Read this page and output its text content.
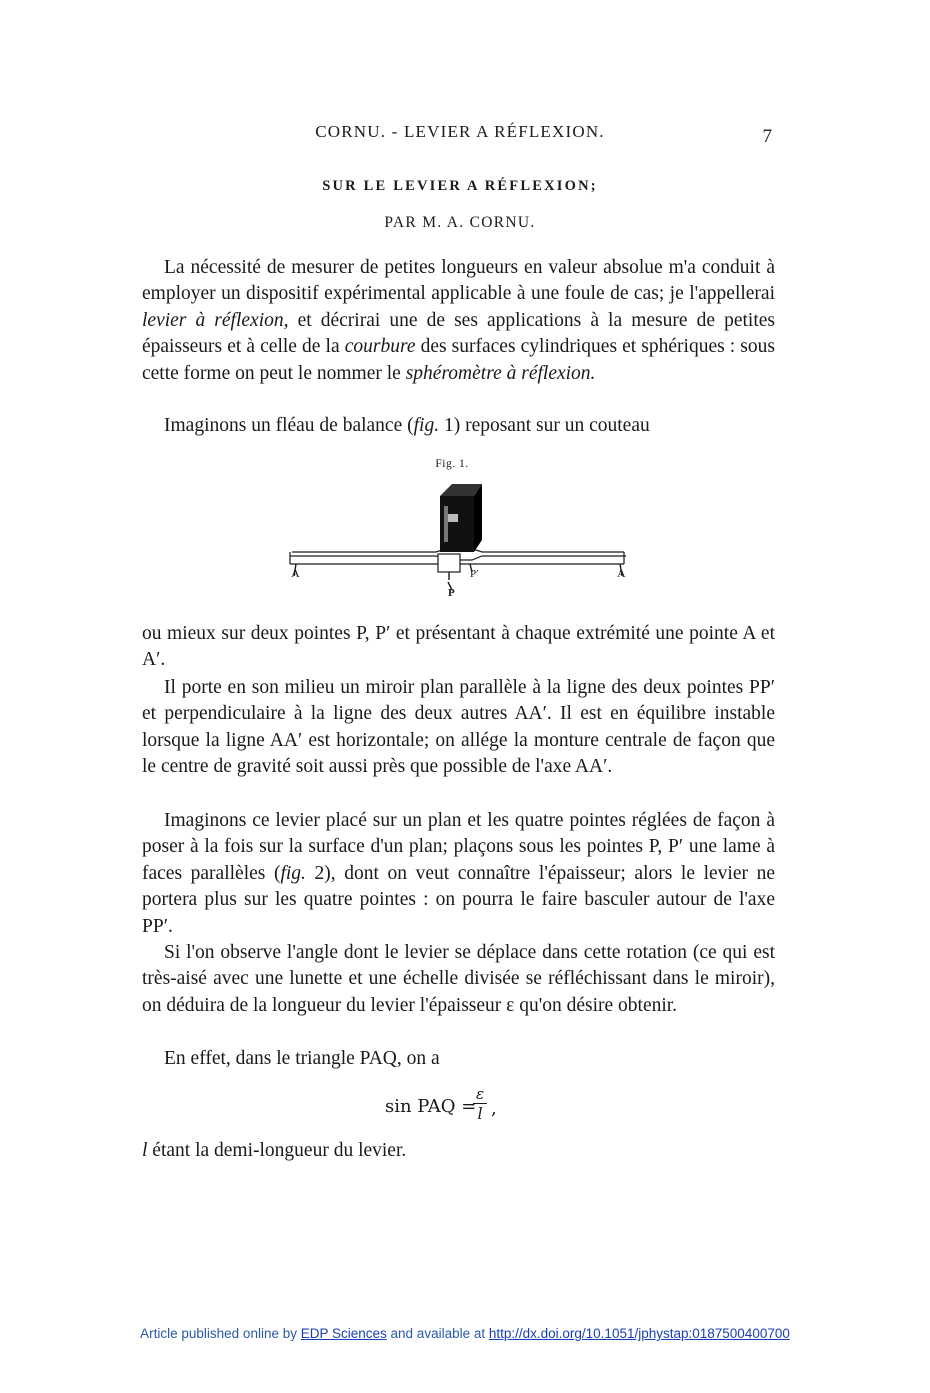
CORNU. - LEVIER A RÉFLEXION.	7
SUR LE LEVIER A RÉFLEXION;
PAR M. A. CORNU.

La nécessité de mesurer de petites longueurs en valeur absolue m'a conduit à employer un dispositif expérimental applicable à une foule de cas; je l'appellerai levier à réflexion, et décrirai une de ses applications à la mesure de petites épaisseurs et à celle de la courbure des surfaces cylindriques et sphériques : sous cette forme on peut le nommer le sphéromètre à réflexion.

Imaginons un fléau de balance (fig. 1) reposant sur un couteau

Fig. 1.
A	A
P′
P

ou mieux sur deux pointes P, P′ et présentant à chaque extrémité une pointe A et A′.

Il porte en son milieu un miroir plan parallèle à la ligne des deux pointes PP′ et perpendiculaire à la ligne des deux autres AA′. Il est en équilibre instable lorsque la ligne AA′ est horizontale; on allége la monture centrale de façon que le centre de gravité soit aussi près que possible de l'axe AA′.

Imaginons ce levier placé sur un plan et les quatre pointes réglées de façon à poser à la fois sur la surface d'un plan; plaçons sous les pointes P, P′ une lame à faces parallèles (fig. 2), dont on veut connaître l'épaisseur; alors le levier ne portera plus sur les quatre pointes : on pourra le faire basculer autour de l'axe PP′.

Si l'on observe l'angle dont le levier se déplace dans cette rotation (ce qui est très-aisé avec une lunette et une échelle divisée se réfléchissant dans le miroir), on déduira de la longueur du levier l'épaisseur ε qu'on désire obtenir.

En effet, dans le triangle PAQ, on a

sin PAQ =
ε
l ,

l étant la demi-longueur du levier.

Article published online by EDP Sciences and available at http://dx.doi.org/10.1051/jphystap:0187500400700
